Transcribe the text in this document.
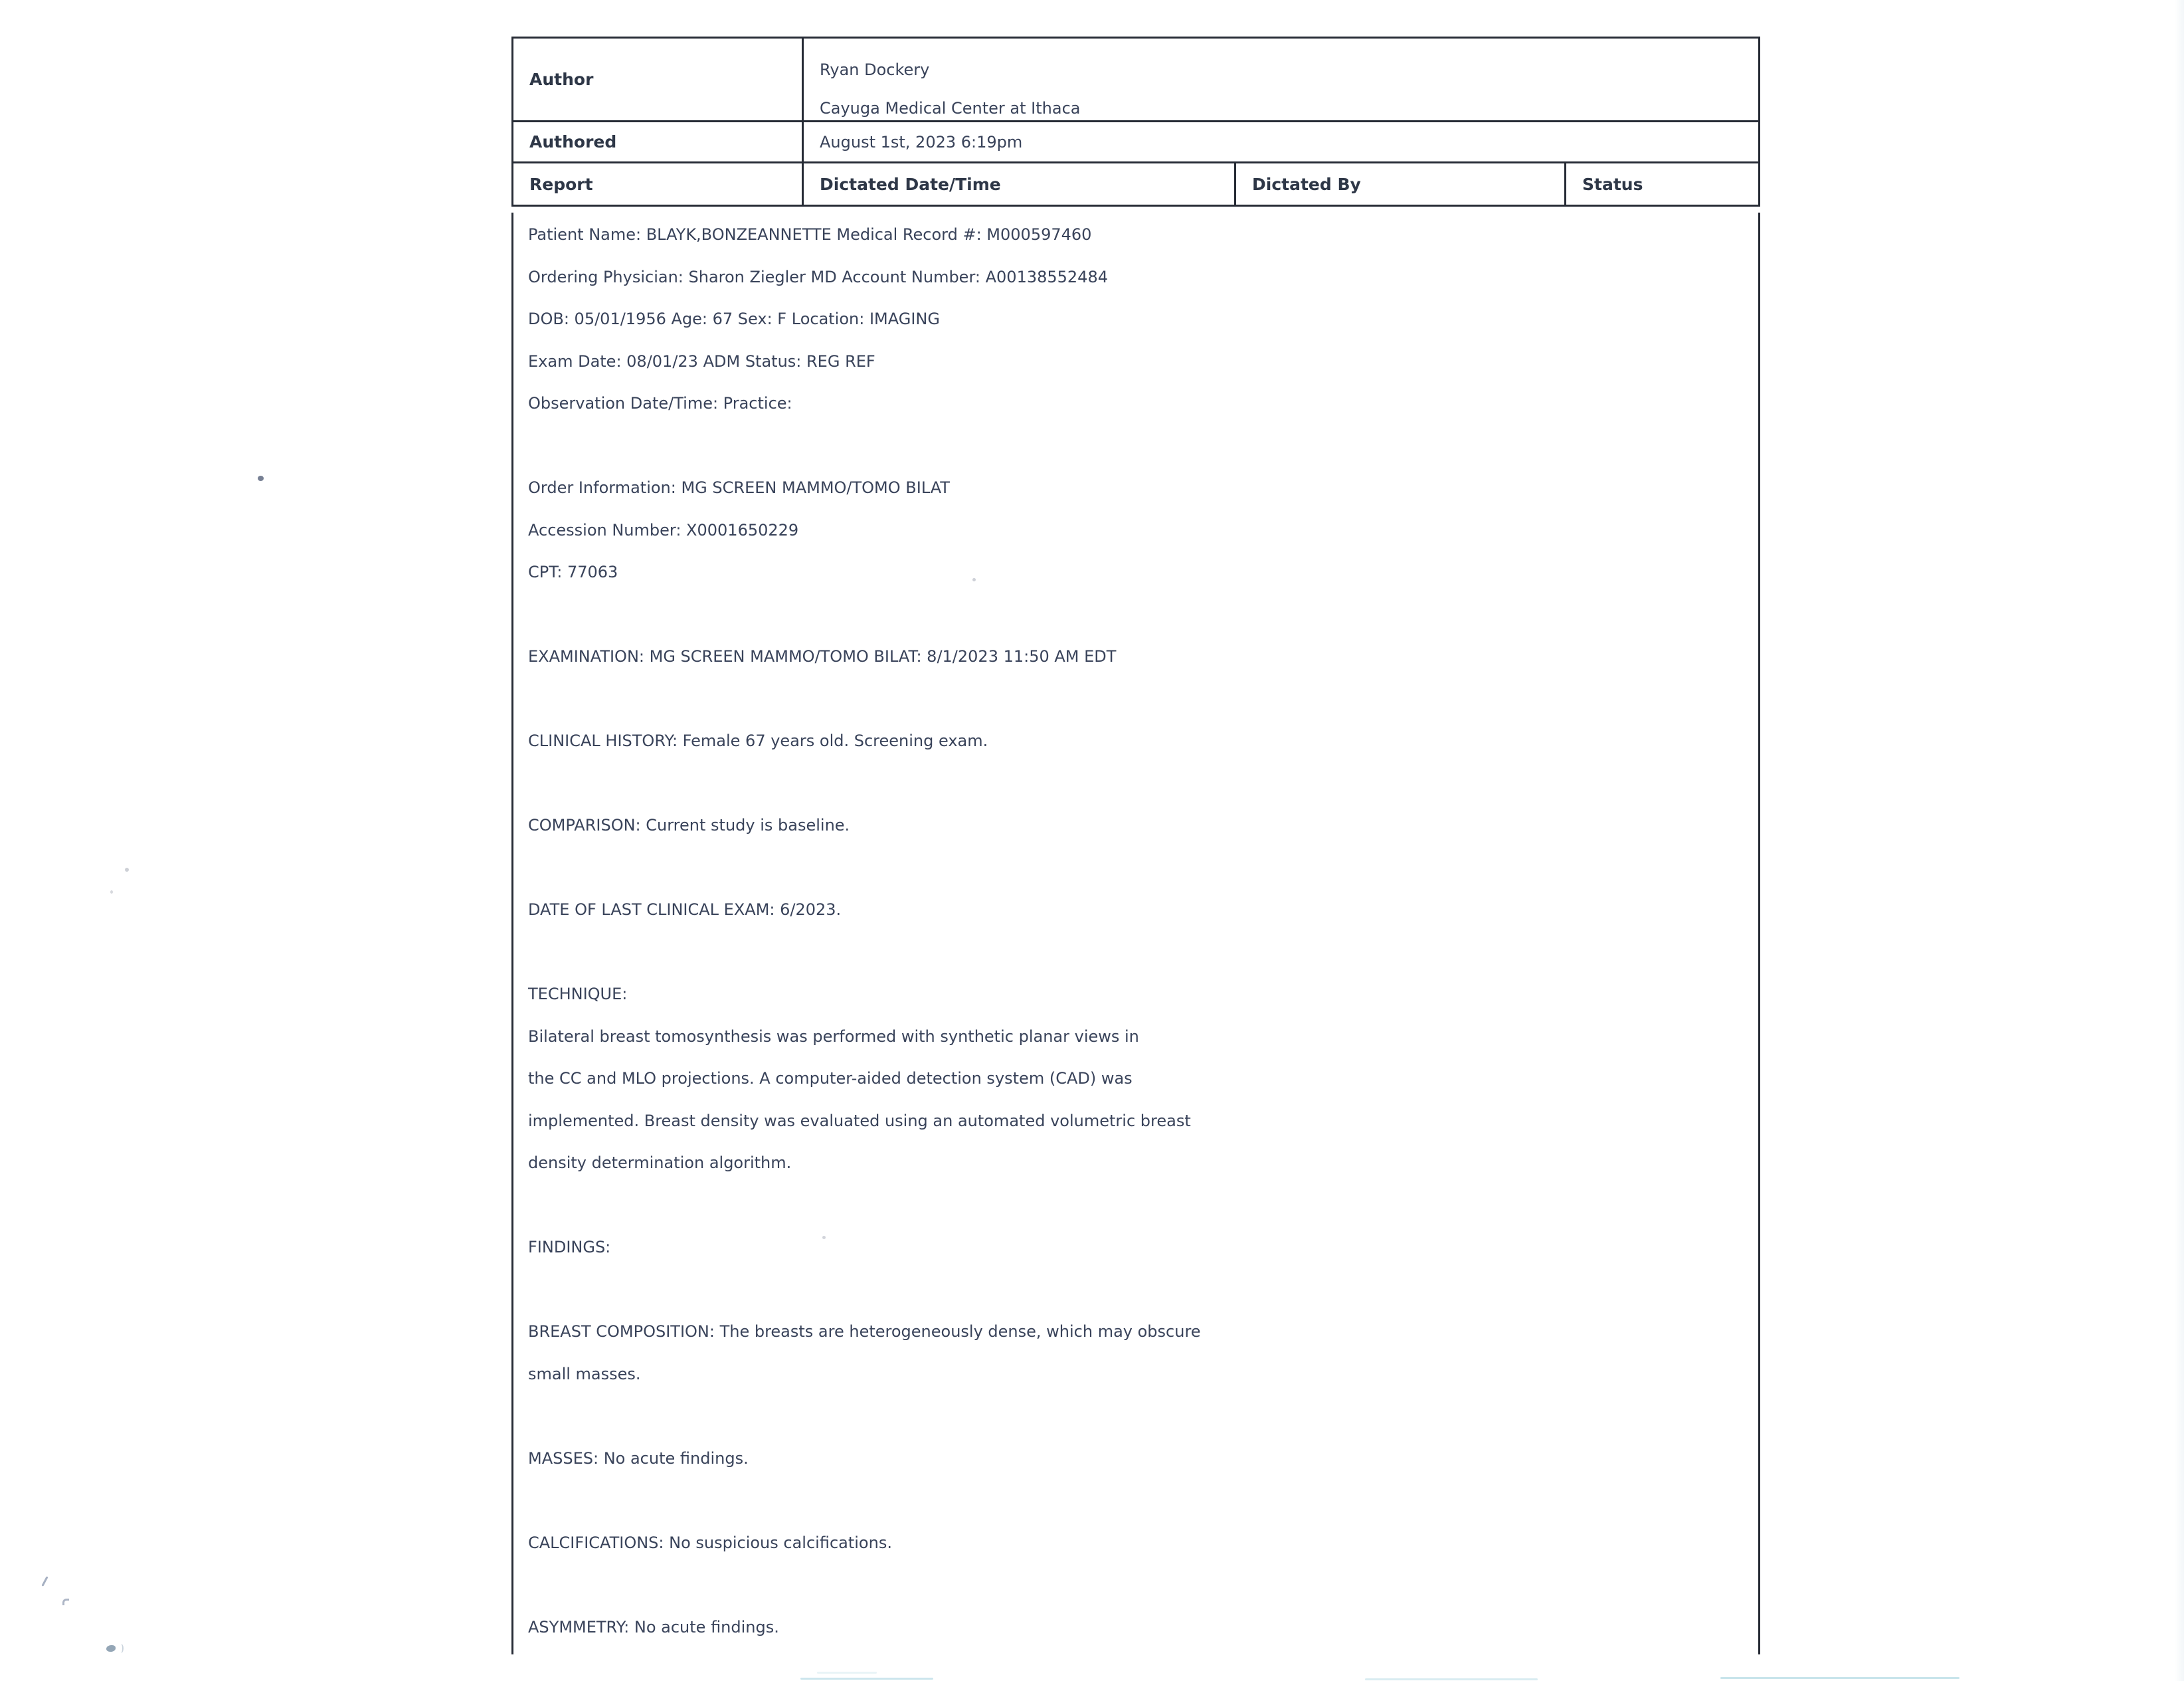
Author	Ryan Dockery
Cayuga Medical Center at Ithaca
Authored	August 1st, 2023 6:19pm
Report	Dictated Date/Time	Dictated By	Status
Patient Name: BLAYK,BONZEANNETTE Medical Record #: M000597460
Ordering Physician: Sharon Ziegler MD Account Number: A00138552484
DOB: 05/01/1956 Age: 67 Sex: F Location: IMAGING
Exam Date: 08/01/23 ADM Status: REG REF
Observation Date/Time: Practice:

Order Information: MG SCREEN MAMMO/TOMO BILAT
Accession Number: X0001650229
CPT: 77063

EXAMINATION: MG SCREEN MAMMO/TOMO BILAT: 8/1/2023 11:50 AM EDT

CLINICAL HISTORY: Female 67 years old. Screening exam.

COMPARISON: Current study is baseline.

DATE OF LAST CLINICAL EXAM: 6/2023.

TECHNIQUE:
Bilateral breast tomosynthesis was performed with synthetic planar views in
the CC and MLO projections. A computer-aided detection system (CAD) was
implemented. Breast density was evaluated using an automated volumetric breast
density determination algorithm.

FINDINGS:

BREAST COMPOSITION: The breasts are heterogeneously dense, which may obscure
small masses.

MASSES: No acute findings.

CALCIFICATIONS: No suspicious calcifications.

ASYMMETRY: No acute findings.
